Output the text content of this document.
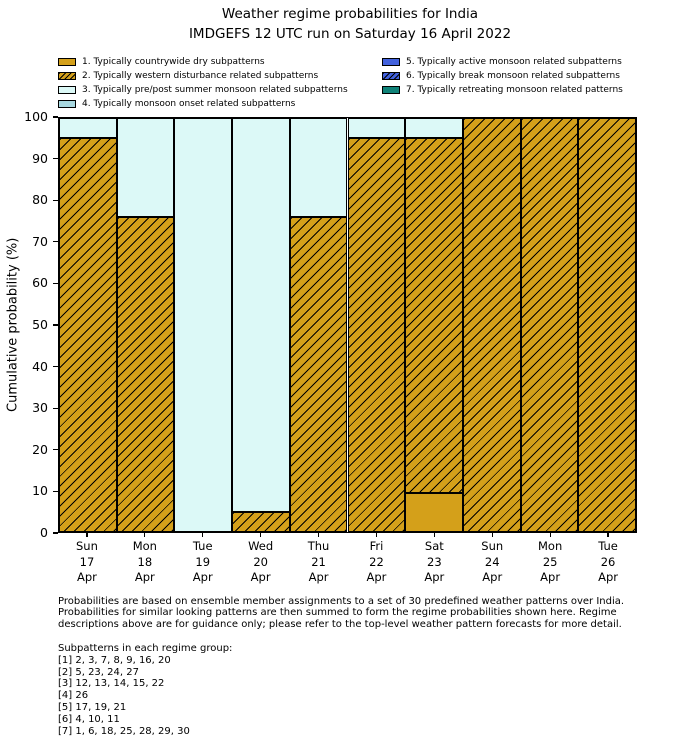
Weather regime probabilities for India
IMDGEFS 12 UTC run on Saturday 16 April 2022
1. Typically countrywide dry subpatterns
2. Typically western disturbance related subpatterns
3. Typically pre/post summer monsoon related subpatterns
4. Typically monsoon onset related subpatterns
5. Typically active monsoon related subpatterns
6. Typically break monsoon related subpatterns
7. Typically retreating monsoon related patterns
Cumulative probability (%)
0
10
20
30
40
50
60
70
80
90
100
Sun
17
Apr
Mon
18
Apr
Tue
19
Apr
Wed
20
Apr
Thu
21
Apr
Fri
22
Apr
Sat
23
Apr
Sun
24
Apr
Mon
25
Apr
Tue
26
Apr
Probabilities are based on ensemble member assignments to a set of 30 predefined weather patterns over India.
Probabilities for similar looking patterns are then summed to form the regime probabilities shown here. Regime
descriptions above are for guidance only; please refer to the top-level weather pattern forecasts for more detail.
Subpatterns in each regime group:
[1] 2, 3, 7, 8, 9, 16, 20
[2] 5, 23, 24, 27
[3] 12, 13, 14, 15, 22
[4] 26
[5] 17, 19, 21
[6] 4, 10, 11
[7] 1, 6, 18, 25, 28, 29, 30
